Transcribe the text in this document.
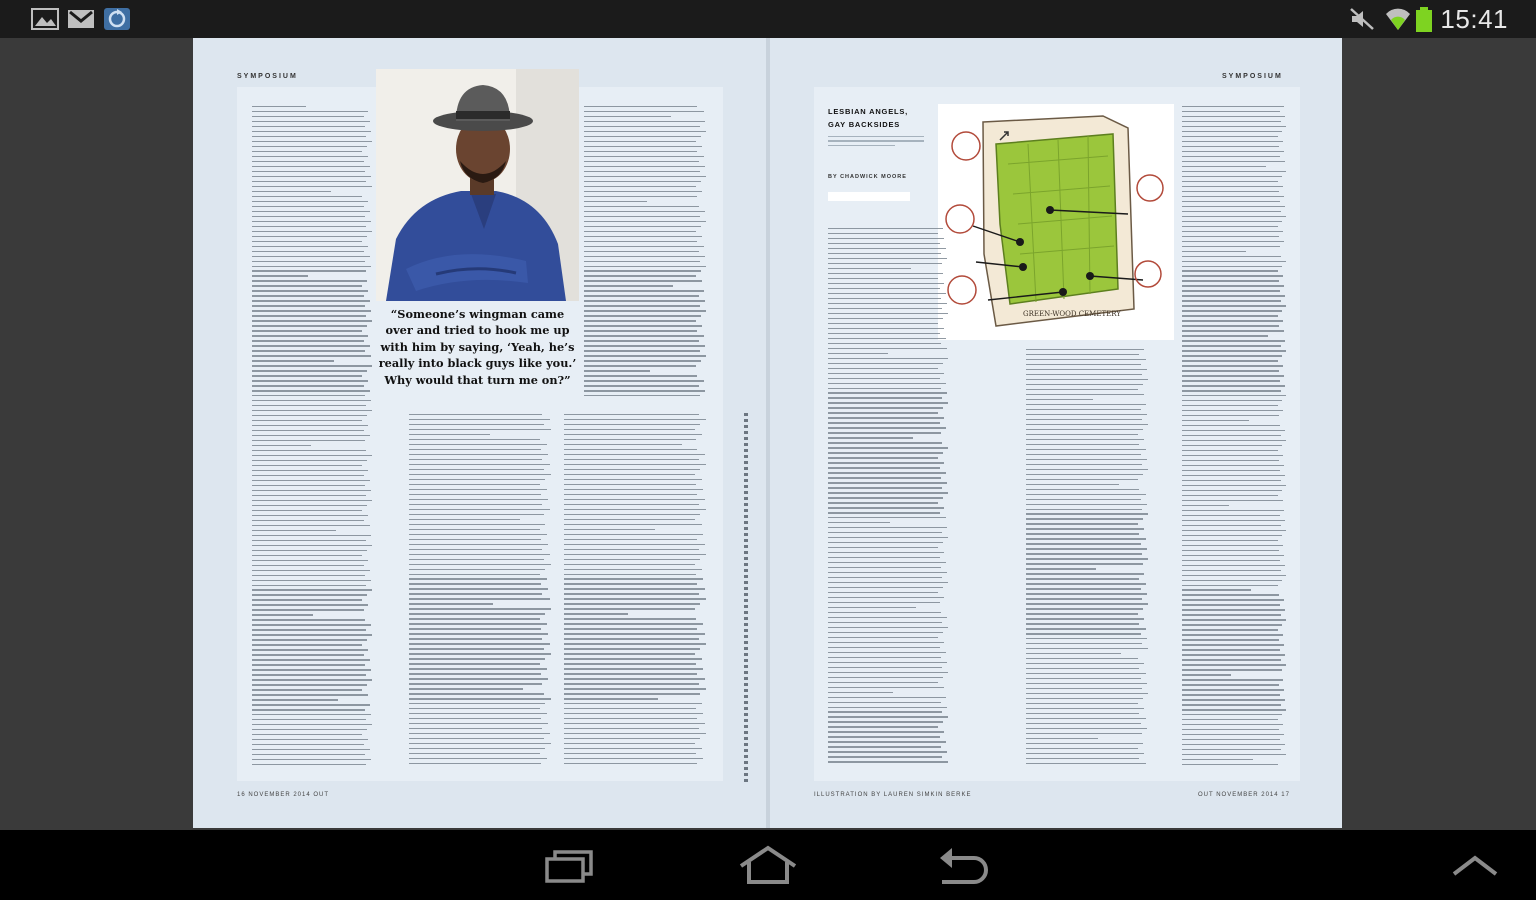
15:41
SYMPOSIUM
“Someone’s wingman came over and tried to hook me up with him by saying, ‘Yeah, he’s really into black guys like you.’ Why would that turn me on?”
16 NOVEMBER 2014 OUT
SYMPOSIUM
LESBIAN ANGELS, GAY BACKSIDES
BY CHADWICK MOORE
GREEN-WOOD CEMETERY
ILLUSTRATION BY LAUREN SIMKIN BERKE	OUT NOVEMBER 2014 17
